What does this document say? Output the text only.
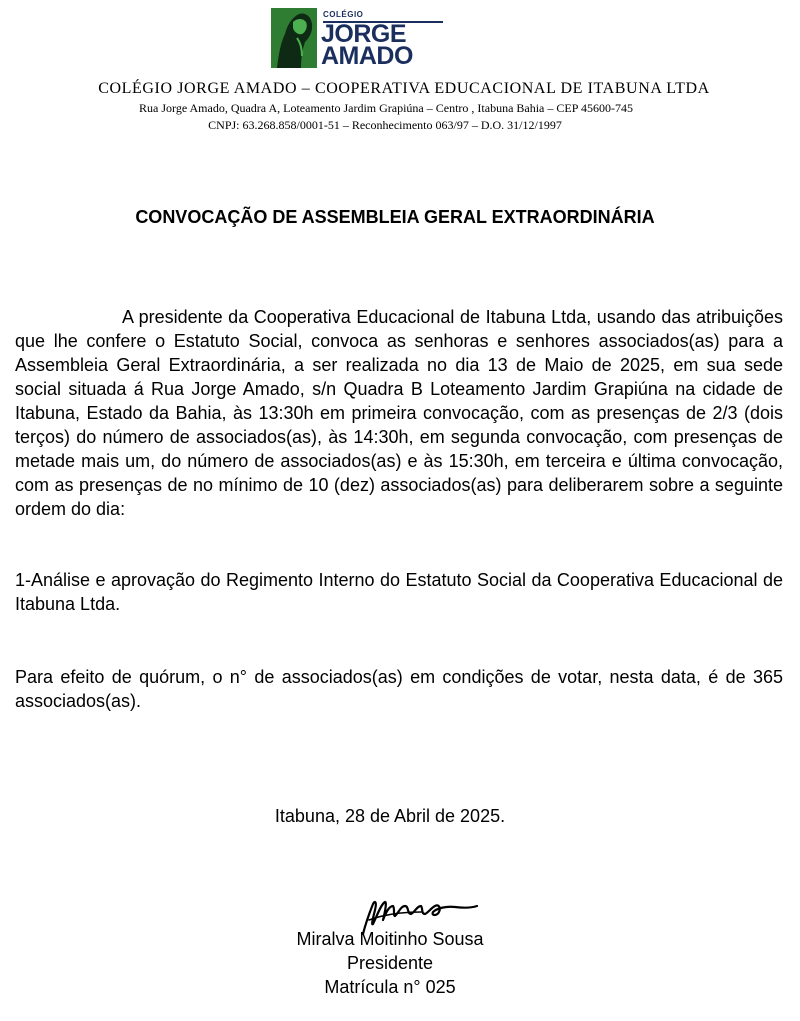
COLÉGIO
JORGE
AMADO
COLÉGIO JORGE AMADO – COOPERATIVA EDUCACIONAL DE ITABUNA LTDA
Rua Jorge Amado, Quadra A, Loteamento Jardim Grapiúna – Centro , Itabuna Bahia – CEP 45600-745
CNPJ: 63.268.858/0001-51 – Reconhecimento 063/97 – D.O. 31/12/1997
CONVOCAÇÃO DE ASSEMBLEIA GERAL EXTRAORDINÁRIA

A presidente da Cooperativa Educacional de Itabuna Ltda, usando das atribuições que lhe confere o Estatuto Social, convoca as senhoras e senhores associados(as) para a Assembleia Geral Extraordinária, a ser realizada no dia 13 de Maio de 2025, em sua sede social situada á Rua Jorge Amado, s/n Quadra B Loteamento Jardim Grapiúna na cidade de Itabuna, Estado da Bahia, às 13:30h em primeira convocação, com as presenças de 2/3 (dois terços) do número de associados(as), às 14:30h, em segunda convocação, com presenças de metade mais um, do número de associados(as) e às 15:30h, em terceira e última convocação, com as presenças de no mínimo de 10 (dez) associados(as) para deliberarem sobre a seguinte ordem do dia:

1-Análise e aprovação do Regimento Interno do Estatuto Social da Cooperativa Educacional de Itabuna Ltda.

Para efeito de quórum, o n° de associados(as) em condições de votar, nesta data, é de 365 associados(as).

Itabuna, 28 de Abril de 2025.
Miralva Moitinho Sousa
Presidente
Matrícula n° 025
